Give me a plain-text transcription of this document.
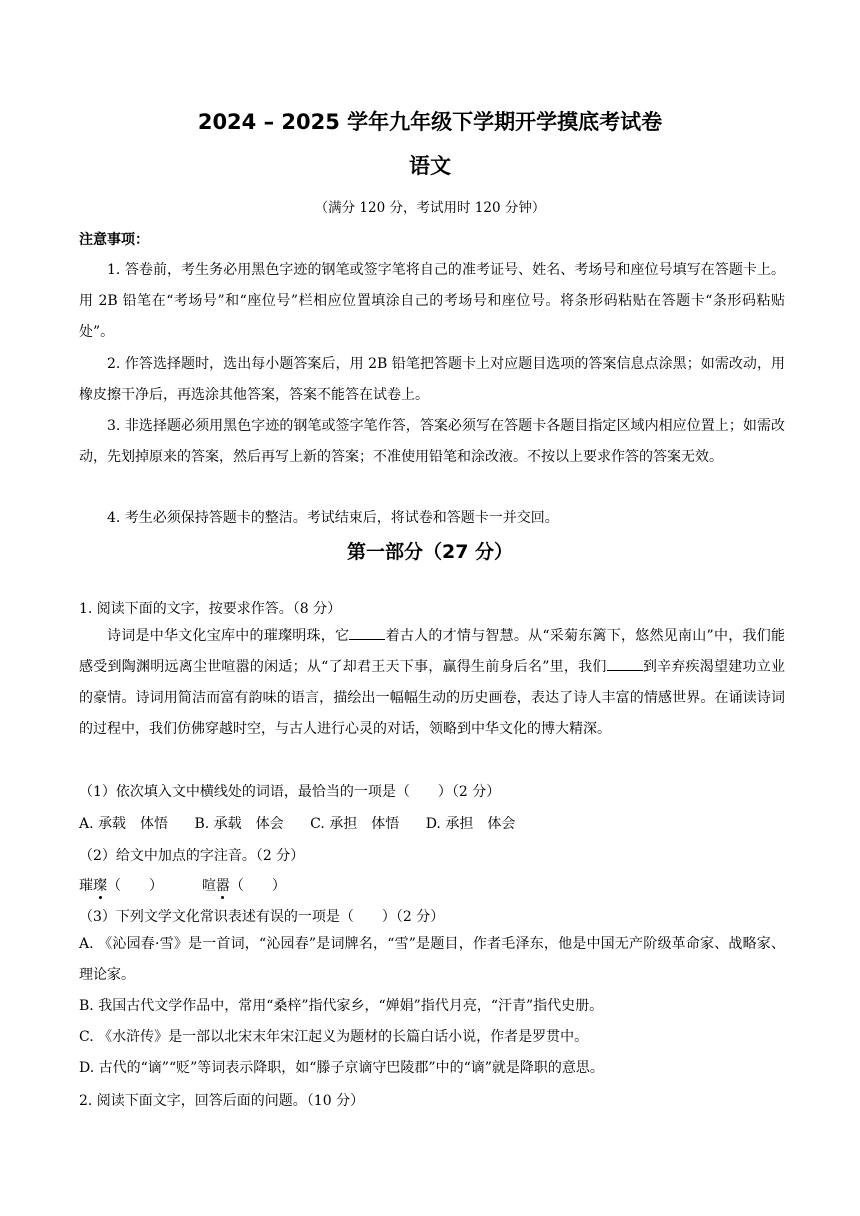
2024 – 2025 学年九年级下学期开学摸底考试卷
语文
（满分 120 分，考试用时 120 分钟）
注意事项：

1. 答卷前，考生务必用黑色字迹的钢笔或签字笔将自己的准考证号、姓名、考场号和座位号填写在答题卡上。用 2B 铅笔在“考场号”和“座位号”栏相应位置填涂自己的考场号和座位号。将条形码粘贴在答题卡“条形码粘贴处”。

2. 作答选择题时，选出每小题答案后，用 2B 铅笔把答题卡上对应题目选项的答案信息点涂黑；如需改动，用橡皮擦干净后，再选涂其他答案，答案不能答在试卷上。

3. 非选择题必须用黑色字迹的钢笔或签字笔作答，答案必须写在答题卡各题目指定区域内相应位置上；如需改动，先划掉原来的答案，然后再写上新的答案；不准使用铅笔和涂改液。不按以上要求作答的答案无效。

4. 考生必须保持答题卡的整洁。考试结束后，将试卷和答题卡一并交回。

第一部分（27 分）
1. 阅读下面的文字，按要求作答。（8 分）

诗词是中华文化宝库中的璀璨明珠，它	着古人的才情与智慧。从“采菊东篱下，悠然见南山”中，我们能感受到陶渊明远离尘世喧嚣的闲适；从“了却君王天下事，赢得生前身后名”里，我们	到辛弃疾渴望建功立业的豪情。诗词用简洁而富有韵味的语言，描绘出一幅幅生动的历史画卷，表达了诗人丰富的情感世界。在诵读诗词的过程中，我们仿佛穿越时空，与古人进行心灵的对话，领略到中华文化的博大精深。

（1）依次填入文中横线处的词语，最恰当的一项是（　　）（2 分）
A. 承载　体悟 B. 承载　体会 C. 承担　体悟 D. 承担　体会
（2）给文中加点的字注音。（2 分）
璀璨（　　）	喧嚣（　　）
（3）下列文学文化常识表述有误的一项是（　　）（2 分）

A. 《沁园春·雪》是一首词，“沁园春”是词牌名，“雪”是题目，作者毛泽东，他是中国无产阶级革命家、战略家、理论家。

B. 我国古代文学作品中，常用“桑梓”指代家乡，“婵娟”指代月亮，“汗青”指代史册。

C. 《水浒传》是一部以北宋末年宋江起义为题材的长篇白话小说，作者是罗贯中。

D. 古代的“谪”“贬”等词表示降职，如“滕子京谪守巴陵郡”中的“谪”就是降职的意思。

2. 阅读下面文字，回答后面的问题。（10 分）
